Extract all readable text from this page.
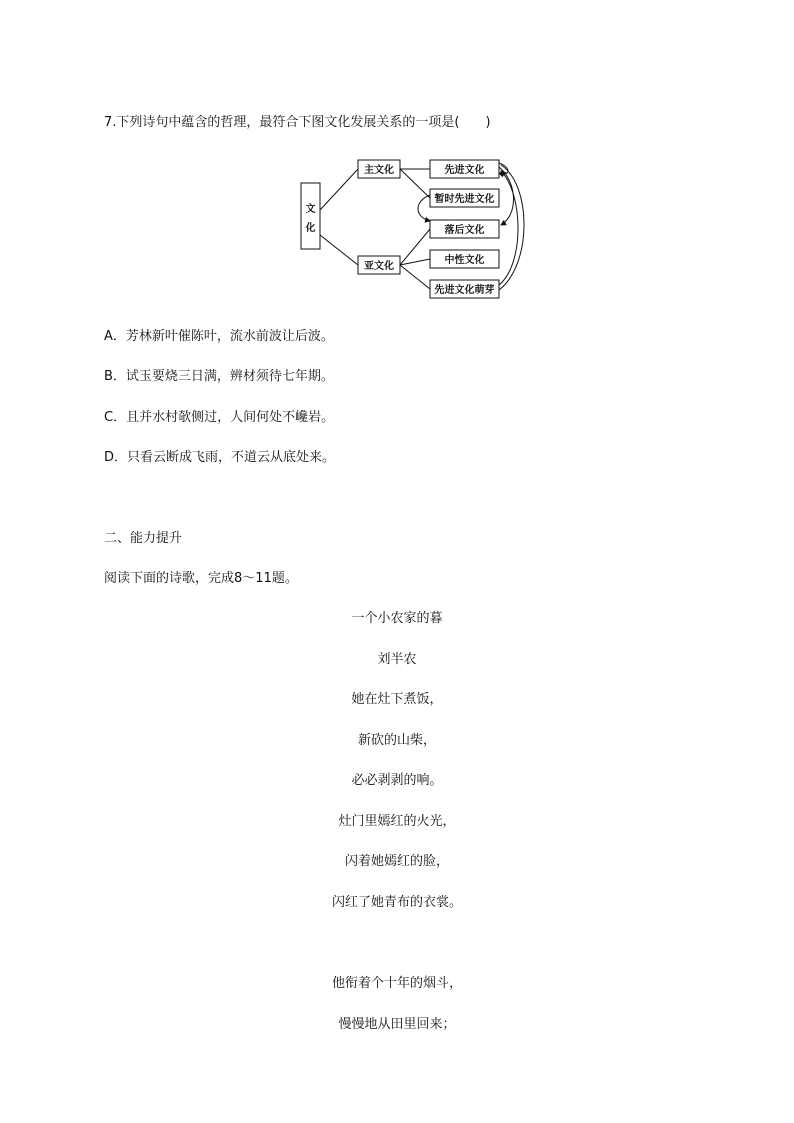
7.下列诗句中蕴含的哲理，最符合下图文化发展关系的一项是(　　)
文
化
主文化
亚文化
先进文化
暂时先进文化
落后文化
中性文化
先进文化萌芽
A．芳林新叶催陈叶，流水前波让后波。
B．试玉要烧三日满，辨材须待七年期。
C．且并水村欹侧过，人间何处不巉岩。
D．只看云断成飞雨，不道云从底处来。
二、能力提升
阅读下面的诗歌，完成8～11题。
一个小农家的暮
刘半农
她在灶下煮饭，
新砍的山柴，
必必剥剥的响。
灶门里嫣红的火光，
闪着她嫣红的脸，
闪红了她青布的衣裳。
他衔着个十年的烟斗，
慢慢地从田里回来；
